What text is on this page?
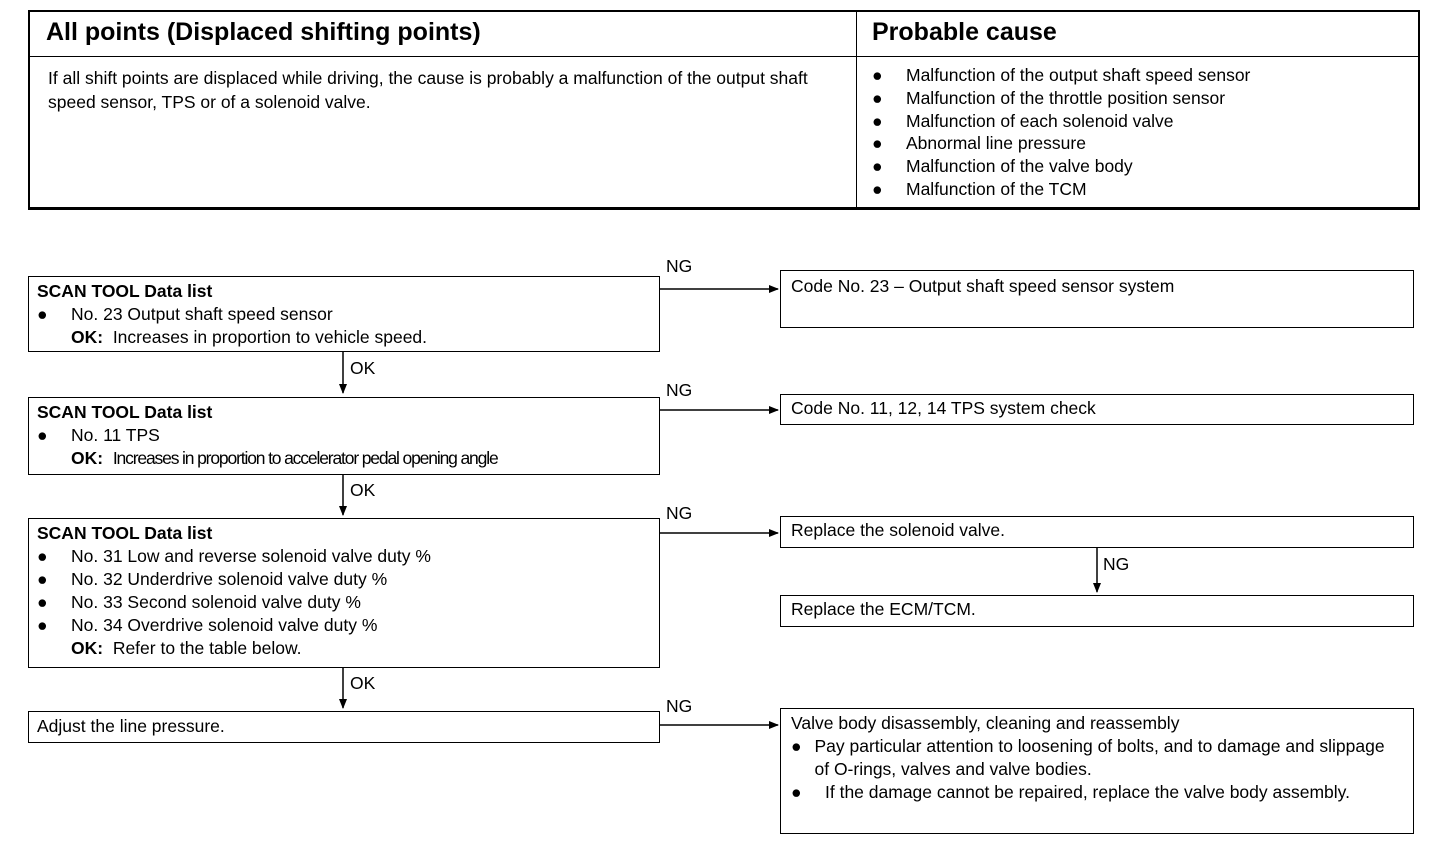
All points (Displaced shifting points)	Probable cause
If all shift points are displaced while driving, the cause is probably a malfunction of the output shaft speed sensor, TPS or of a solenoid valve.
●	Malfunction of the output shaft speed sensor
●	Malfunction of the throttle position sensor
●	Malfunction of each solenoid valve
●	Abnormal line pressure
●	Malfunction of the valve body
●	Malfunction of the TCM
SCAN TOOL Data list
●	No. 23 Output shaft speed sensor
OK: Increases in proportion to vehicle speed.
SCAN TOOL Data list
●	No. 11 TPS
OK: Increases in proportion to accelerator pedal opening angle
SCAN TOOL Data list
●	No. 31 Low and reverse solenoid valve duty %
●	No. 32 Underdrive solenoid valve duty %
●	No. 33 Second solenoid valve duty %
●	No. 34 Overdrive solenoid valve duty %
OK: Refer to the table below.
Adjust the line pressure.
Code No. 23 – Output shaft speed sensor system
Code No. 11, 12, 14 TPS system check
Replace the solenoid valve.
Replace the ECM/TCM.
Valve body disassembly, cleaning and reassembly
● Pay particular attention to loosening of bolts, and to damage and slippage of O-rings, valves and valve bodies.
●	If the damage cannot be repaired, replace the valve body assembly.
NG
NG
NG
NG
NG
OK
OK
OK
